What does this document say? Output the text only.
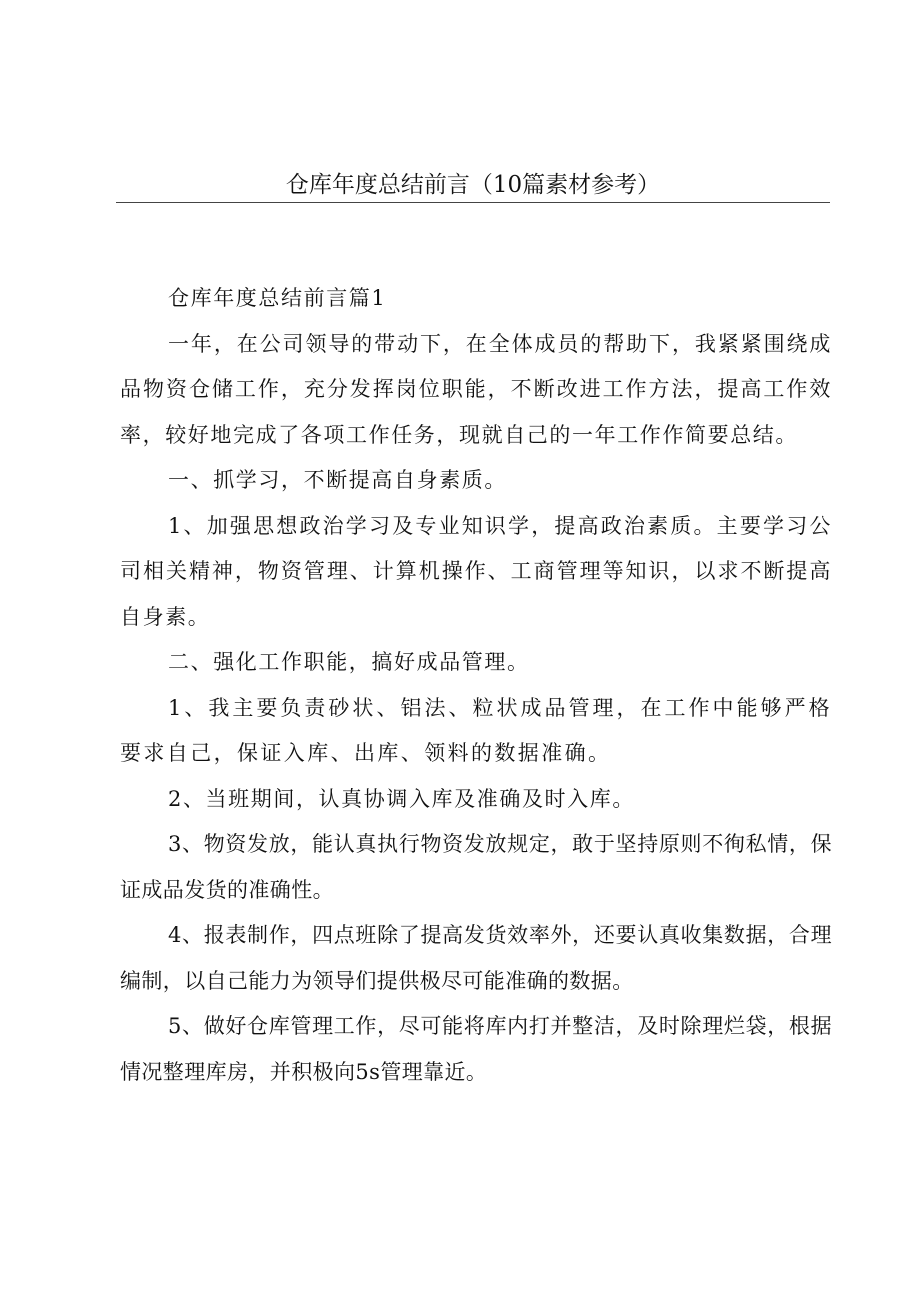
仓库年度总结前言（10篇素材参考）

仓库年度总结前言篇1

一年，在公司领导的带动下，在全体成员的帮助下，我紧紧围绕成品物资仓储工作，充分发挥岗位职能，不断改进工作方法，提高工作效率，较好地完成了各项工作任务，现就自己的一年工作作简要总结。

一、抓学习，不断提高自身素质。

1、加强思想政治学习及专业知识学，提高政治素质。主要学习公司相关精神，物资管理、计算机操作、工商管理等知识，以求不断提高自身素。

二、强化工作职能，搞好成品管理。

1、我主要负责砂状、铝法、粒状成品管理，在工作中能够严格要求自己，保证入库、出库、领料的数据准确。

2、当班期间，认真协调入库及准确及时入库。

3、物资发放，能认真执行物资发放规定，敢于坚持原则不徇私情，保证成品发货的准确性。

4、报表制作，四点班除了提高发货效率外，还要认真收集数据，合理编制，以自己能力为领导们提供极尽可能准确的数据。

5、做好仓库管理工作，尽可能将库内打并整洁，及时除理烂袋，根据情况整理库房，并积极向5s管理靠近。
